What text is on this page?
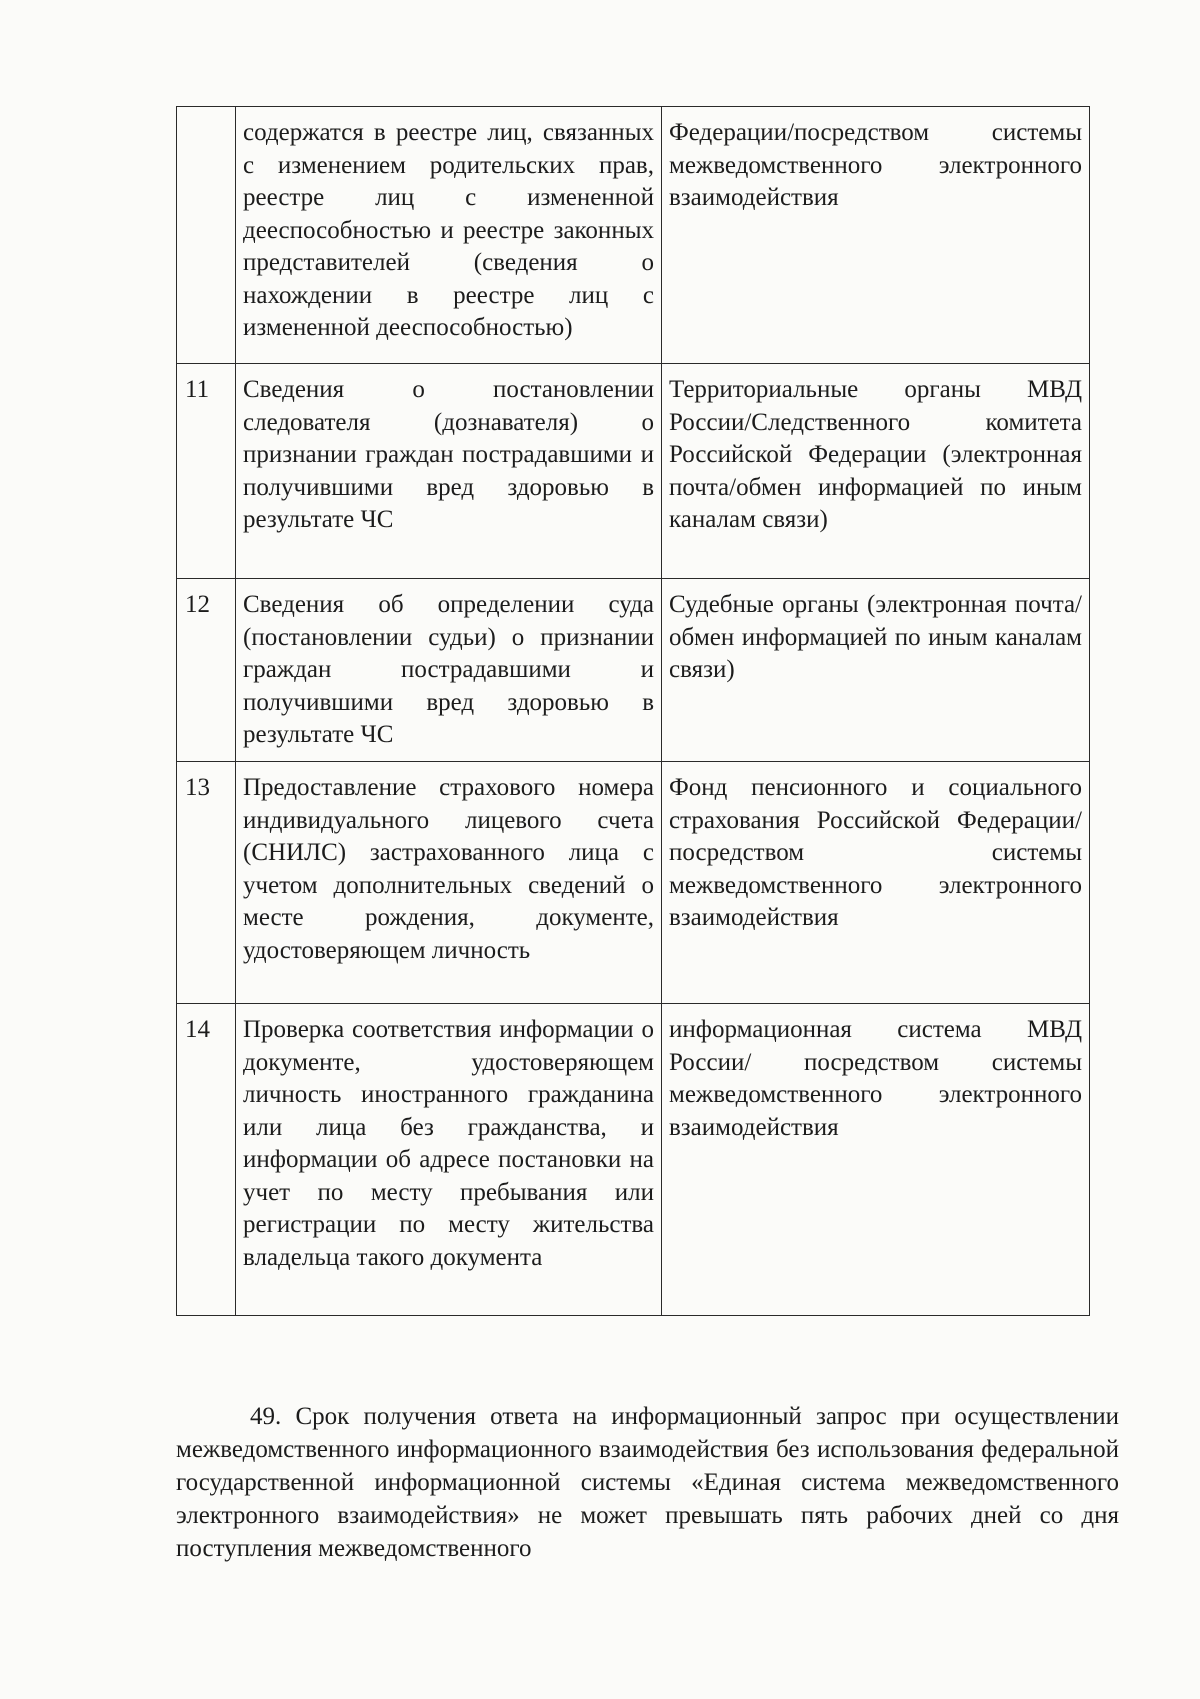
	содержатся в реестре лиц, связанных с изменением родительских прав, реестре лиц с измененной дееспособностью и реестре законных представителей (сведения о нахождении в реестре лиц с измененной дееспособностью)	Федерации/посредством системы межведомственного электронного взаимодействия

11	Сведения о постановлении следователя (дознавателя) о признании граждан пострадавшими и получившими вред здоровью в результате ЧС	Территориальные органы МВД России/Следственного комитета Российской Федерации (электронная почта/обмен информацией по иным каналам связи)

12	Сведения об определении суда (постановлении судьи) о признании граждан пострадавшими и получившими вред здоровью в результате ЧС	Судебные органы (электронная почта/обмен информацией по иным каналам связи)

13	Предоставление страхового номера индивидуального лицевого счета (СНИЛС) застрахованного лица с учетом дополнительных сведений о месте рождения, документе, удостоверяющем личность	Фонд пенсионного и социального страхования Российской Федерации/ посредством системы межведомственного электронного взаимодействия

14	Проверка соответствия информации о документе, удостоверяющем личность иностранного гражданина или лица без гражданства, и информации об адресе постановки на учет по месту пребывания или регистрации по месту жительства владельца такого документа	информационная система МВД России/ посредством системы межведомственного электронного взаимодействия

49. Срок получения ответа на информационный запрос при осуществлении межведомственного информационного взаимодействия без использования федеральной государственной информационной системы «Единая система межведомственного электронного взаимодействия» не может превышать пять рабочих дней со дня поступления межведомственного
